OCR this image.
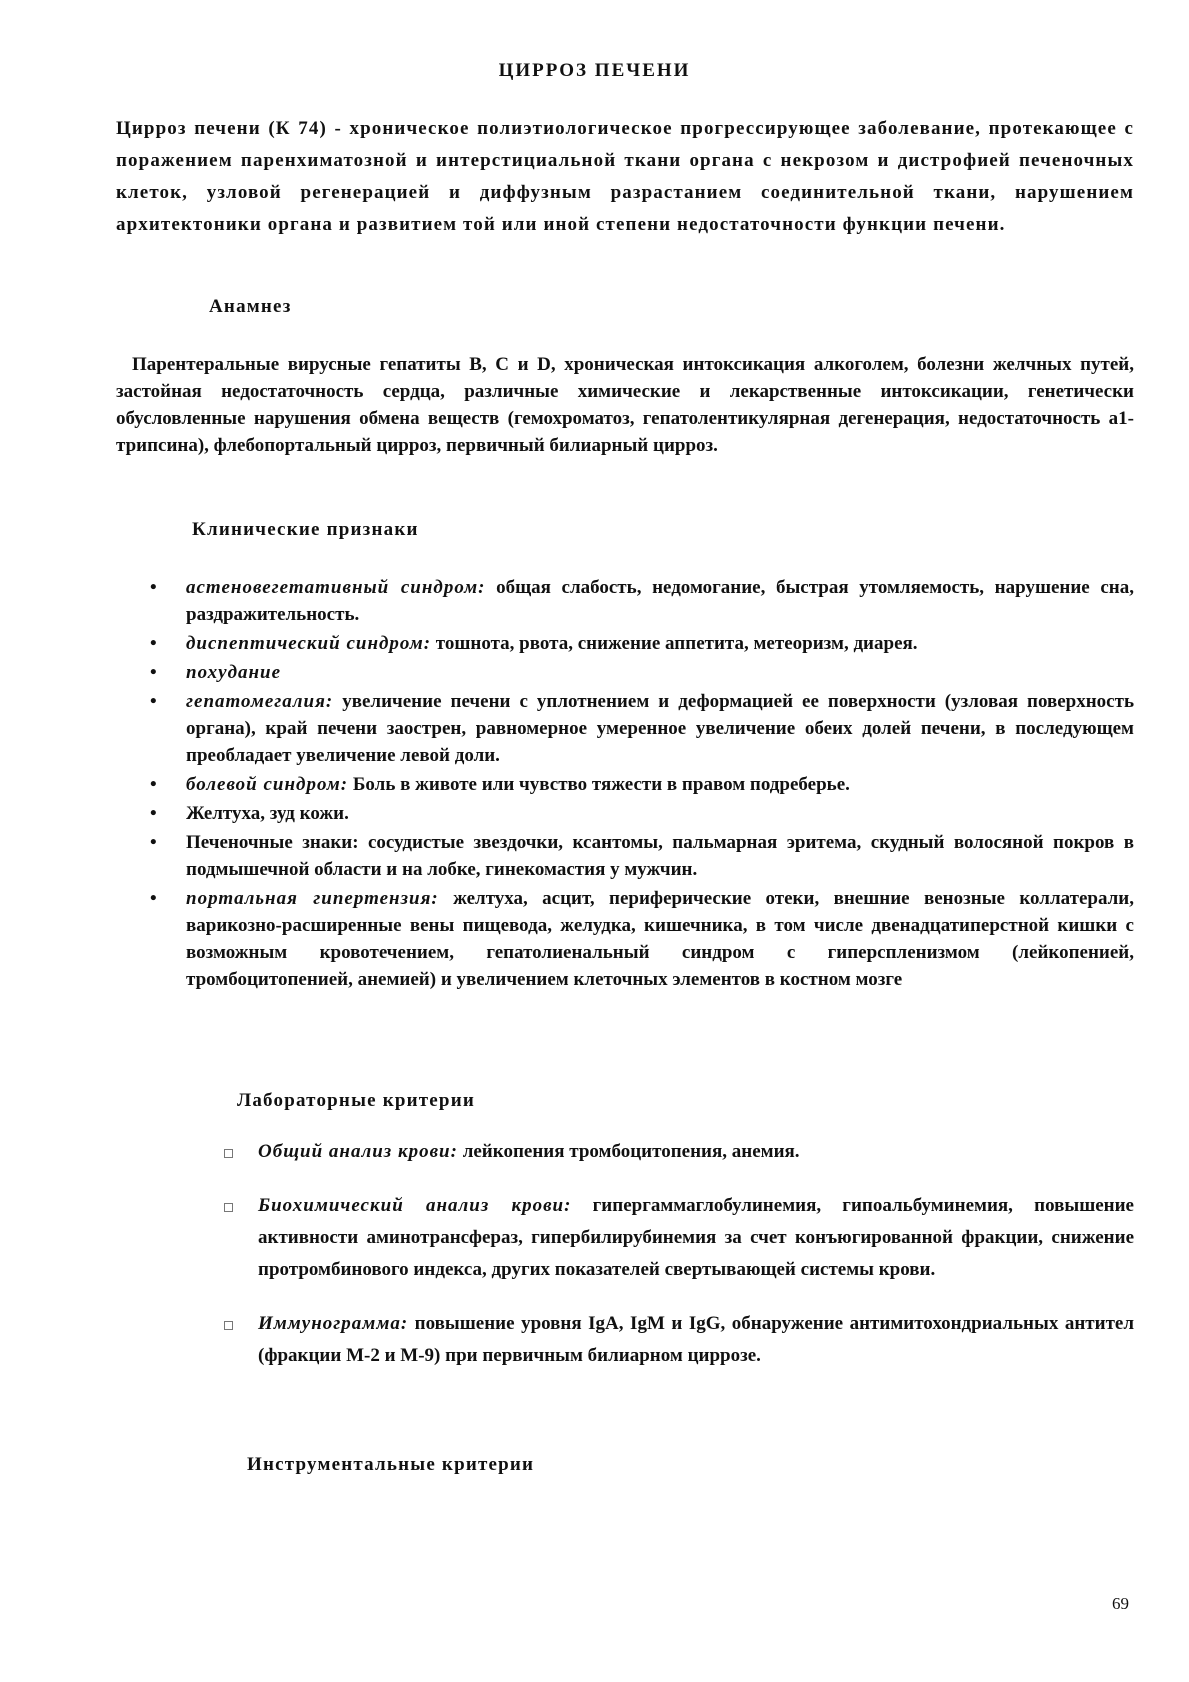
ЦИРРОЗ ПЕЧЕНИ
Цирроз печени (К 74) - хроническое полиэтиологическое прогрессирующее заболевание, протекающее с поражением паренхиматозной и интерстициальной ткани органа с некрозом и дистрофией печеночных клеток, узловой регенерацией и диффузным разрастанием соединительной ткани, нарушением архитектоники органа и развитием той или иной степени недостаточности функции печени.
Анамнез
Парентеральные вирусные гепатиты B, C и D, хроническая интоксикация алкоголем, болезни желчных путей, застойная недостаточность сердца, различные химические и лекарственные интоксикации, генетически обусловленные нарушения обмена веществ (гемохроматоз, гепатолентикулярная дегенерация, недостаточность a1-трипсина), флебопортальный цирроз, первичный билиарный цирроз.
Клинические признаки
• астеновегетативный синдром: общая слабость, недомогание, быстрая утомляемость, нарушение сна, раздражительность.
• диспептический синдром: тошнота, рвота, снижение аппетита, метеоризм, диарея.
• похудание
• гепатомегалия: увеличение печени с уплотнением и деформацией ее поверхности (узловая поверхность органа), край печени заострен, равномерное умеренное увеличение обеих долей печени, в последующем преобладает увеличение левой доли.
• болевой синдром: Боль в животе или чувство тяжести в правом подреберье.
• Желтуха, зуд кожи.
• Печеночные знаки: сосудистые звездочки, ксантомы, пальмарная эритема, скудный волосяной покров в подмышечной области и на лобке, гинекомастия у мужчин.
• портальная гипертензия: желтуха, асцит, периферические отеки, внешние венозные коллатерали, варикозно-расширенные вены пищевода, желудка, кишечника, в том числе двенадцатиперстной кишки с возможным кровотечением, гепатолиенальный синдром с гиперспленизмом (лейкопенией, тромбоцитопенией, анемией) и увеличением клеточных элементов в костном мозге
Лабораторные критерии
Общий анализ крови: лейкопения тромбоцитопения, анемия.
Биохимический анализ крови: гипергаммаглобулинемия, гипоальбуминемия, повышение активности аминотрансфераз, гипербилирубинемия за счет конъюгированной фракции, снижение протромбинового индекса, других показателей свертывающей системы крови.
Иммунограмма: повышение уровня IgA, IgM и IgG, обнаружение антимитохондриальных антител (фракции М-2 и М-9) при первичным билиарном циррозе.
Инструментальные критерии
69
